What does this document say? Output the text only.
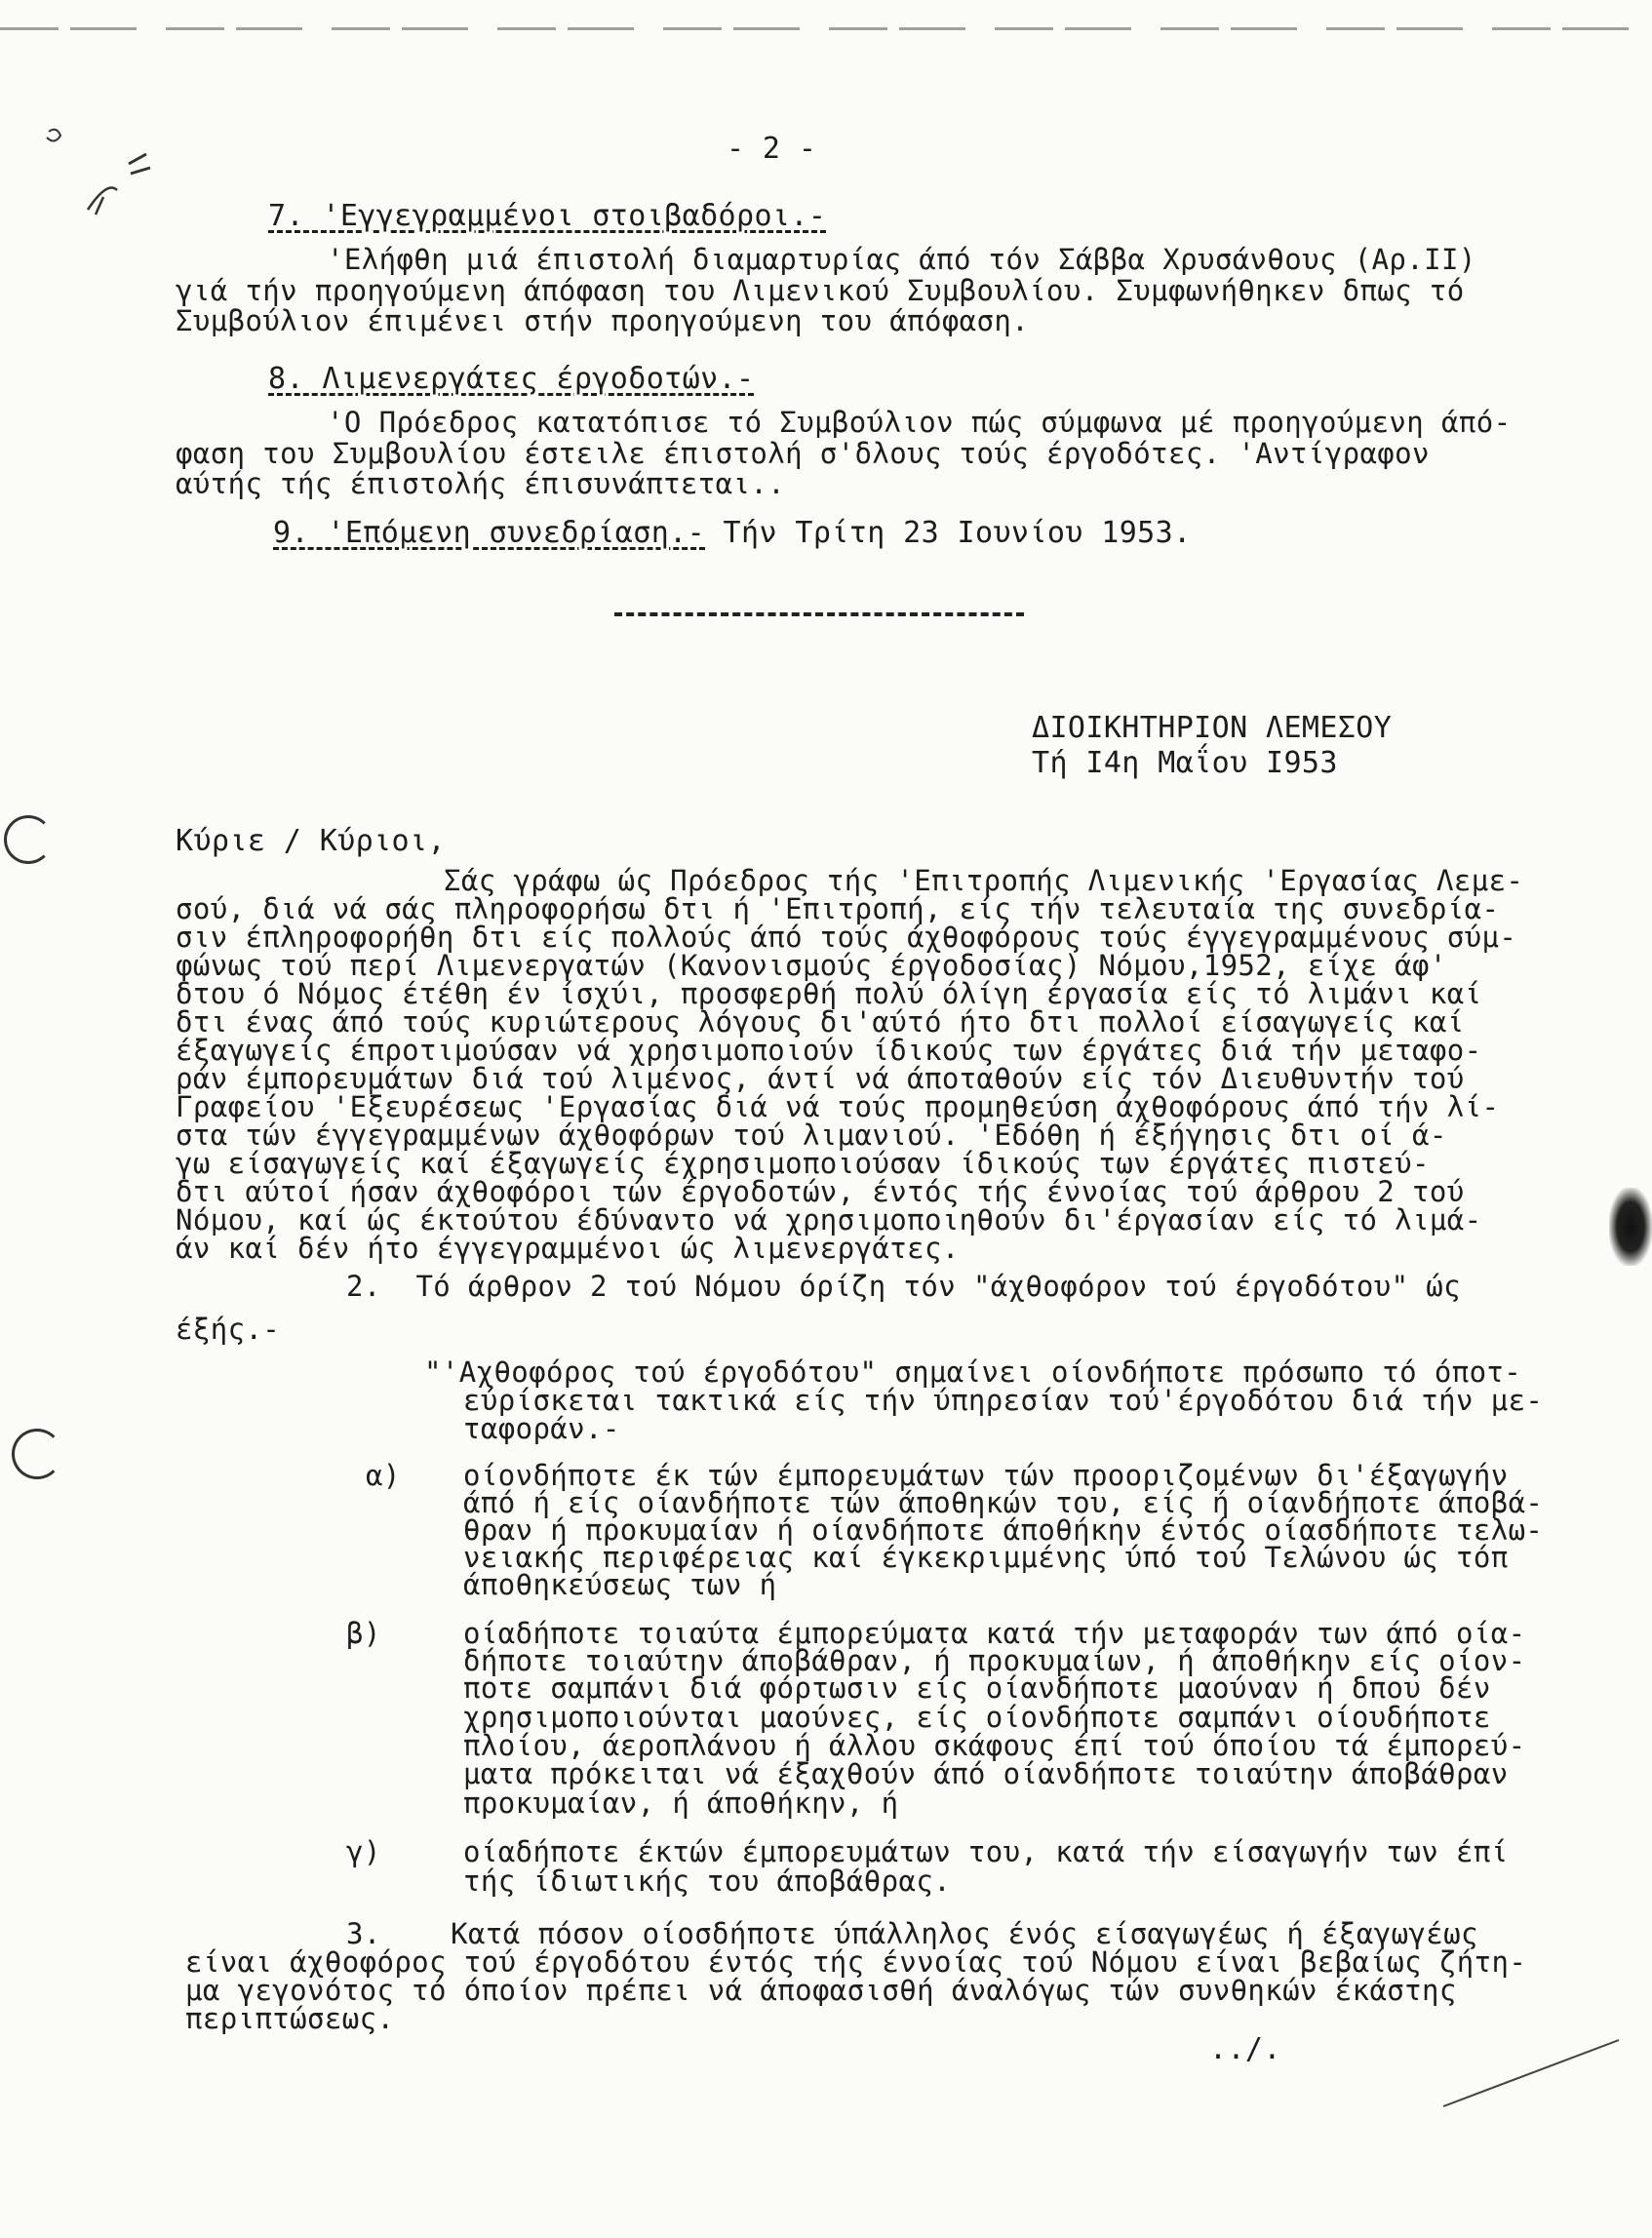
- 2 -
7. 'Εγγεγραμμένοι στοιβαδόροι.-
'Ελήφθη μιά έπιστολή διαμαρτυρίας άπό τόν Σάββα Χρυσάνθους (Αρ.ΙΙ)
γιά τήν προηγούμενη άπόφαση του Λιμενικού Συμβουλίου. Συμφωνήθηκεν δπως τό
Συμβούλιον έπιμένει στήν προηγούμενη του άπόφαση.
8. Λιμενεργάτες έργοδοτών.-
'Ο Πρόεδρος κατατόπισε τό Συμβούλιον πώς σύμφωνα μέ προηγούμενη άπό-
φαση του Συμβουλίου έστειλε έπιστολή σ'δλους τούς έργοδότες. 'Αντίγραφον
αύτής τής έπιστολής έπισυνάπτεται..
9. 'Επόμενη συνεδρίαση.- Τήν Τρίτη 23 Ιουνίου 1953.
ΔΙΟΙΚΗΤΗΡΙΟΝ ΛΕΜΕΣΟΥ
Τή Ι4η Μαΐου Ι953
Κύριε / Κύριοι,
Σάς γράφω ώς Πρόεδρος τής 'Επιτροπής Λιμενικής 'Εργασίας Λεμε-
σού, διά νά σάς πληροφορήσω δτι ή 'Επιτροπή, είς τήν τελευταία της συνεδρία-
σιν έπληροφορήθη δτι είς πολλούς άπό τούς άχθοφόρους τούς έγγεγραμμένους σύμ-
φώνως τού περί Λιμενεργατών (Κανονισμούς έργοδοσίας) Νόμου,1952, είχε άφ'
δτου ό Νόμος έτέθη έν ίσχύι, προσφερθή πολύ όλίγη έργασία είς τό λιμάνι καί
δτι ένας άπό τούς κυριώτερους λόγους δι'αύτό ήτο δτι πολλοί είσαγωγείς καί
έξαγωγείς έπροτιμούσαν νά χρησιμοποιούν ίδικούς των έργάτες διά τήν μεταφο-
ράν έμπορευμάτων διά τού λιμένος, άντί νά άποταθούν είς τόν Διευθυντήν τού
Γραφείου 'Εξευρέσεως 'Εργασίας διά νά τούς προμηθεύση άχθοφόρους άπό τήν λί-
στα τών έγγεγραμμένων άχθοφόρων τού λιμανιού. 'Εδόθη ή έξήγησις δτι οί ά-
γω είσαγωγείς καί έξαγωγείς έχρησιμοποιούσαν ίδικούς των έργάτες πιστεύ-
δτι αύτοί ήσαν άχθοφόροι τών έργοδοτών, έντός τής έννοίας τού άρθρου 2 τού
Νόμου, καί ώς έκτούτου έδύναντο νά χρησιμοποιηθούν δι'έργασίαν είς τό λιμά-
άν καί δέν ήτο έγγεγραμμένοι ώς λιμενεργάτες.
2.  Τό άρθρον 2 τού Νόμου όρίζη τόν "άχθοφόρον τού έργοδότου" ώς
έξής.-
"'Αχθοφόρος τού έργοδότου" σημαίνει οίονδήποτε πρόσωπο τό όποτ-
εύρίσκεται τακτικά είς τήν ύπηρεσίαν τού'έργοδότου διά τήν με-
ταφοράν.-
α) οίονδήποτε έκ τών έμπορευμάτων τών προοριζομένων δι'έξαγωγήν
άπό ή είς οίανδήποτε τών άποθηκών του, είς ή οίανδήποτε άποβά-
θραν ή προκυμαίαν ή οίανδήποτε άποθήκην έντός οίασδήποτε τελω-
νειακής περιφέρειας καί έγκεκριμμένης ύπό τού Τελώνου ώς τόπ
άποθηκεύσεως των ή
β)	οίαδήποτε τοιαύτα έμπορεύματα κατά τήν μεταφοράν των άπό οία-
δήποτε τοιαύτην άποβάθραν, ή προκυμαίων, ή άποθήκην είς οίον-
ποτε σαμπάνι διά φόρτωσιν είς οίανδήποτε μαούναν ή δπου δέν
χρησιμοποιούνται μαούνες, είς οίονδήποτε σαμπάνι οίουδήποτε
πλοίου, άεροπλάνου ή άλλου σκάφους έπί τού όποίου τά έμπορεύ-
ματα πρόκειται νά έξαχθούν άπό οίανδήποτε τοιαύτην άποβάθραν
προκυμαίαν, ή άποθήκην, ή
γ)	οίαδήποτε έκτών έμπορευμάτων του, κατά τήν είσαγωγήν των έπί
τής ίδιωτικής του άποβάθρας.
3.    Κατά πόσον οίοσδήποτε ύπάλληλος ένός είσαγωγέως ή έξαγωγέως
είναι άχθοφόρος τού έργοδότου έντός τής έννοίας τού Νόμου είναι βεβαίως ζήτη-
μα γεγονότος τό όποίον πρέπει νά άποφασισθή άναλόγως τών συνθηκών έκάστης
περιπτώσεως.
../.
